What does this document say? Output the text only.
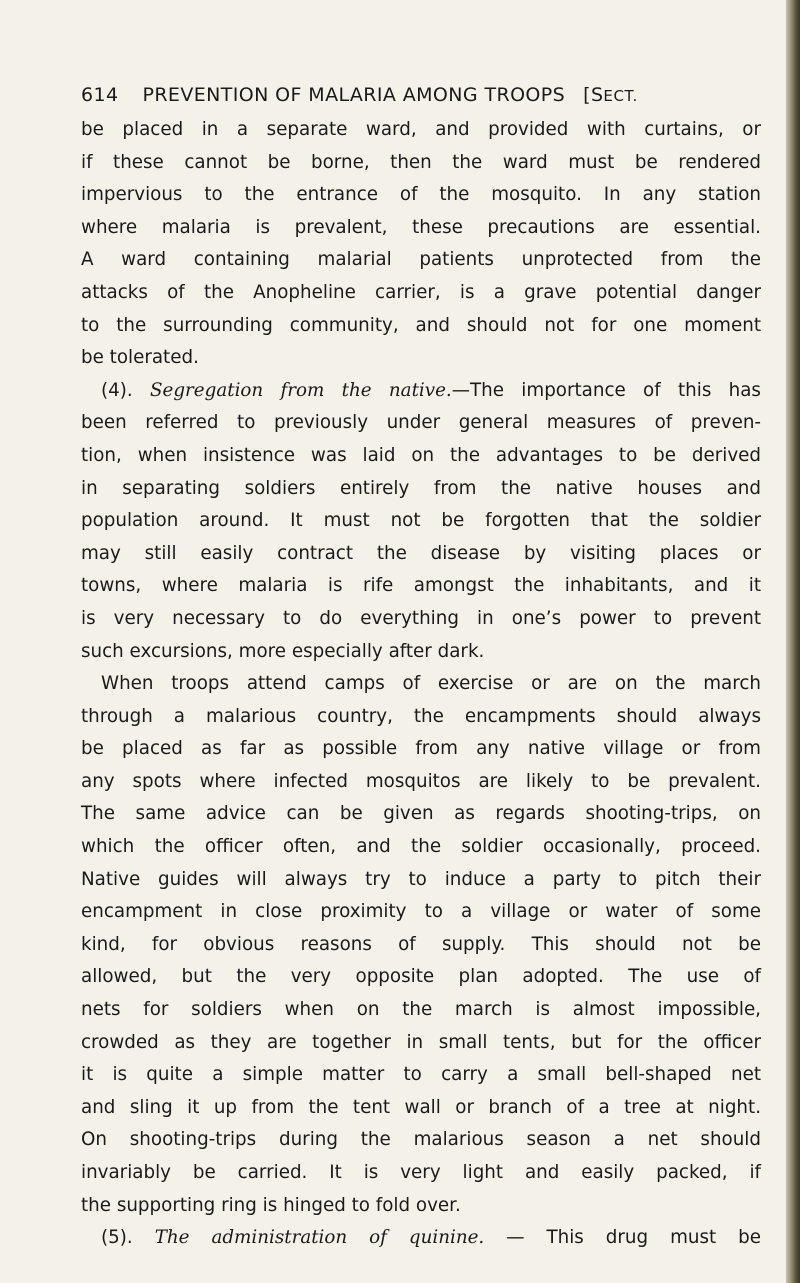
614 PREVENTION OF MALARIA AMONG TROOPS [SECT.
be placed in a separate ward, and provided with curtains, or
if these cannot be borne, then the ward must be rendered
impervious to the entrance of the mosquito. In any station
where malaria is prevalent, these precautions are essential.
A ward containing malarial patients unprotected from the
attacks of the Anopheline carrier, is a grave potential danger
to the surrounding community, and should not for one moment
be tolerated.
(4). Segregation from the native.—The importance of this has
been referred to previously under general measures of preven-
tion, when insistence was laid on the advantages to be derived
in separating soldiers entirely from the native houses and
population around. It must not be forgotten that the soldier
may still easily contract the disease by visiting places or
towns, where malaria is rife amongst the inhabitants, and it
is very necessary to do everything in one’s power to prevent
such excursions, more especially after dark.
When troops attend camps of exercise or are on the march
through a malarious country, the encampments should always
be placed as far as possible from any native village or from
any spots where infected mosquitos are likely to be prevalent.
The same advice can be given as regards shooting-trips, on
which the officer often, and the soldier occasionally, proceed.
Native guides will always try to induce a party to pitch their
encampment in close proximity to a village or water of some
kind, for obvious reasons of supply. This should not be
allowed, but the very opposite plan adopted. The use of
nets for soldiers when on the march is almost impossible,
crowded as they are together in small tents, but for the officer
it is quite a simple matter to carry a small bell-shaped net
and sling it up from the tent wall or branch of a tree at night.
On shooting-trips during the malarious season a net should
invariably be carried. It is very light and easily packed, if
the supporting ring is hinged to fold over.
(5). The administration of quinine. — This drug must be
